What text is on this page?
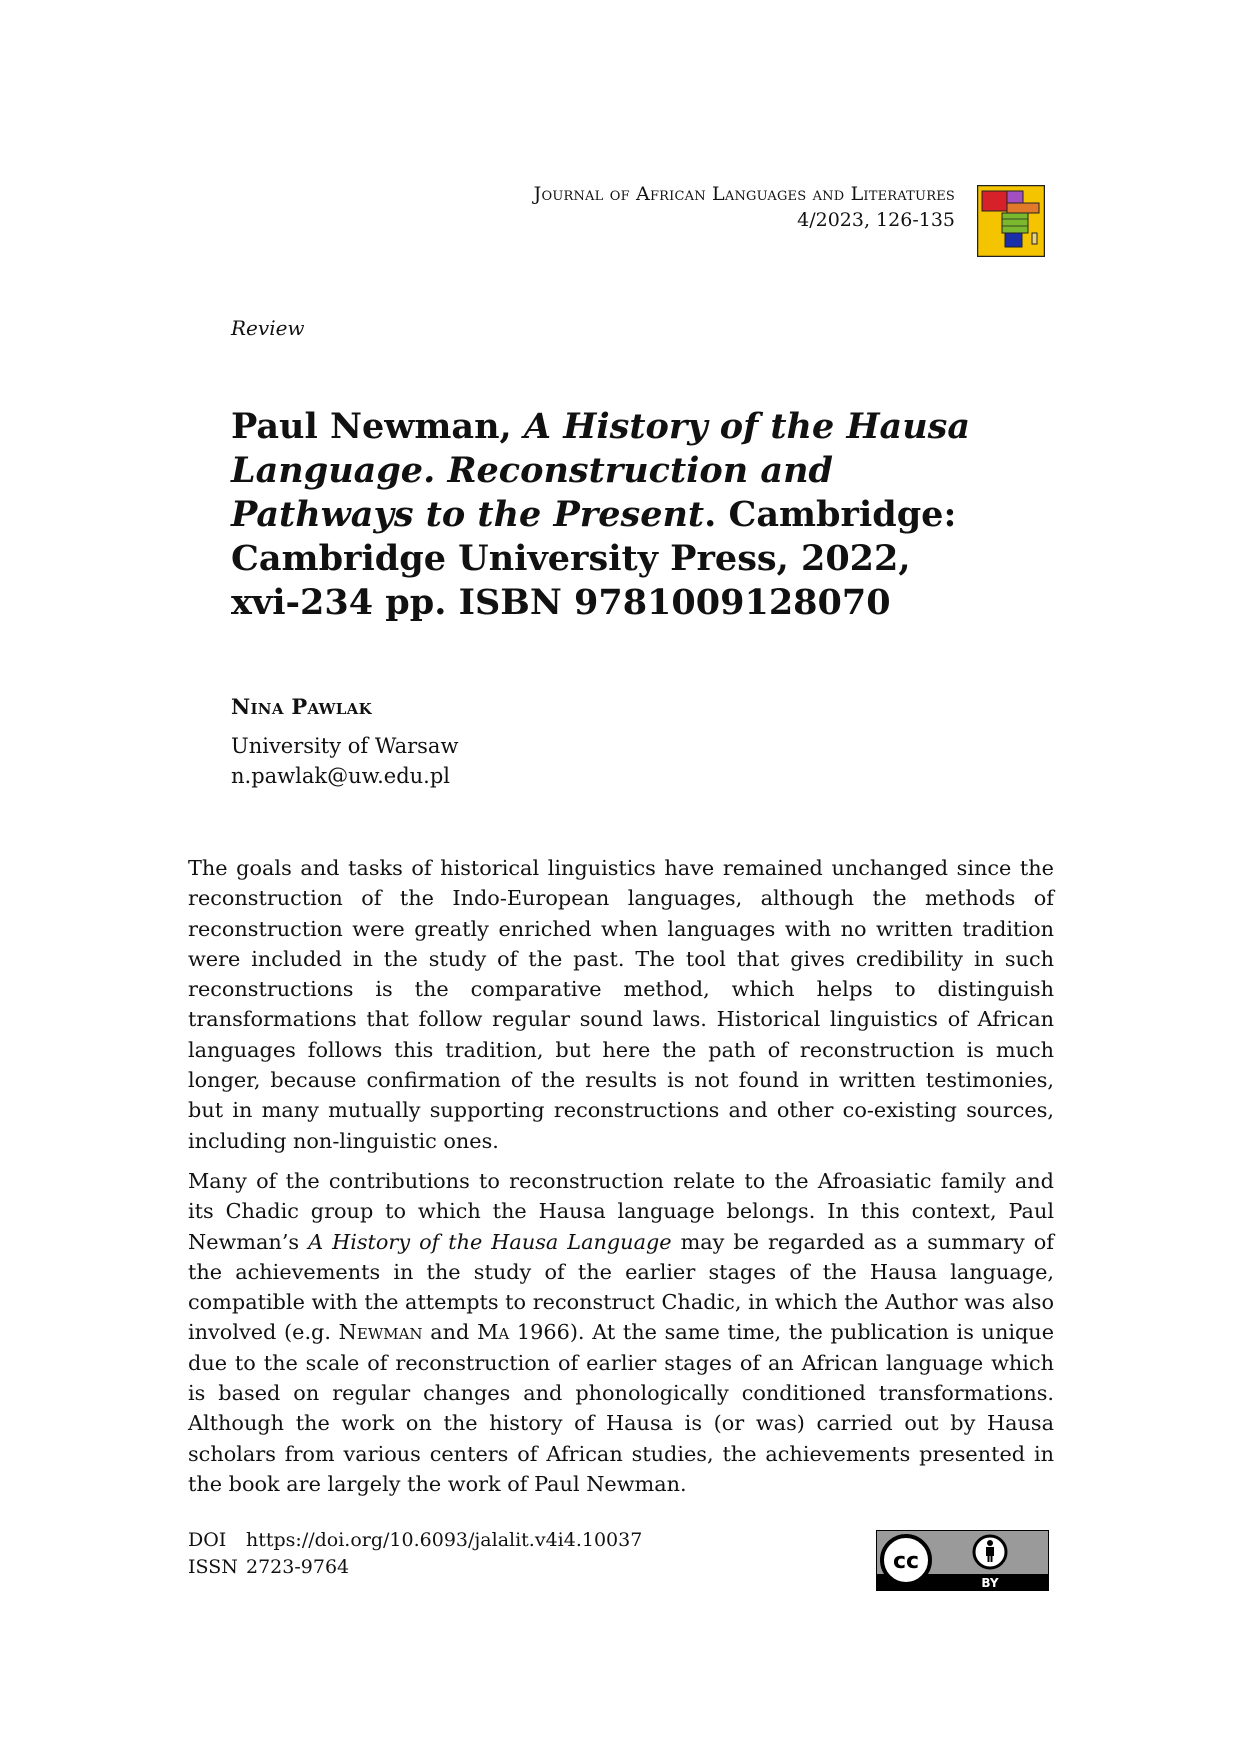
Journal of African Languages and Literatures
4/2023, 126-135
Review
Paul Newman, A History of the Hausa Language. Reconstruction and Pathways to the Present. Cambridge: Cambridge University Press, 2022, xvi-234 pp. ISBN 9781009128070
Nina Pawlak
University of Warsaw
n.pawlak@uw.edu.pl

The goals and tasks of historical linguistics have remained unchanged since the reconstruction of the Indo-European languages, although the methods of reconstruction were greatly enriched when languages with no written tradition were included in the study of the past. The tool that gives credibility in such reconstructions is the comparative method, which helps to distinguish transformations that follow regular sound laws. Historical linguistics of African languages follows this tradition, but here the path of reconstruction is much longer, because confirmation of the results is not found in written testimonies, but in many mutually supporting reconstructions and other co-existing sources, including non-linguistic ones.

Many of the contributions to reconstruction relate to the Afroasiatic family and its Chadic group to which the Hausa language belongs. In this context, Paul Newman’s A History of the Hausa Language may be regarded as a summary of the achievements in the study of the earlier stages of the Hausa language, compatible with the attempts to reconstruct Chadic, in which the Author was also involved (e.g. Newman and Ma 1966). At the same time, the publication is unique due to the scale of reconstruction of earlier stages of an African language which is based on regular changes and phonologically conditioned transformations. Although the work on the history of Hausa is (or was) carried out by Hausa scholars from various centers of African studies, the achievements presented in the book are largely the work of Paul Newman.

DOI https://doi.org/10.6093/jalalit.v4i4.10037
ISSN 2723-9764	cc
BY
